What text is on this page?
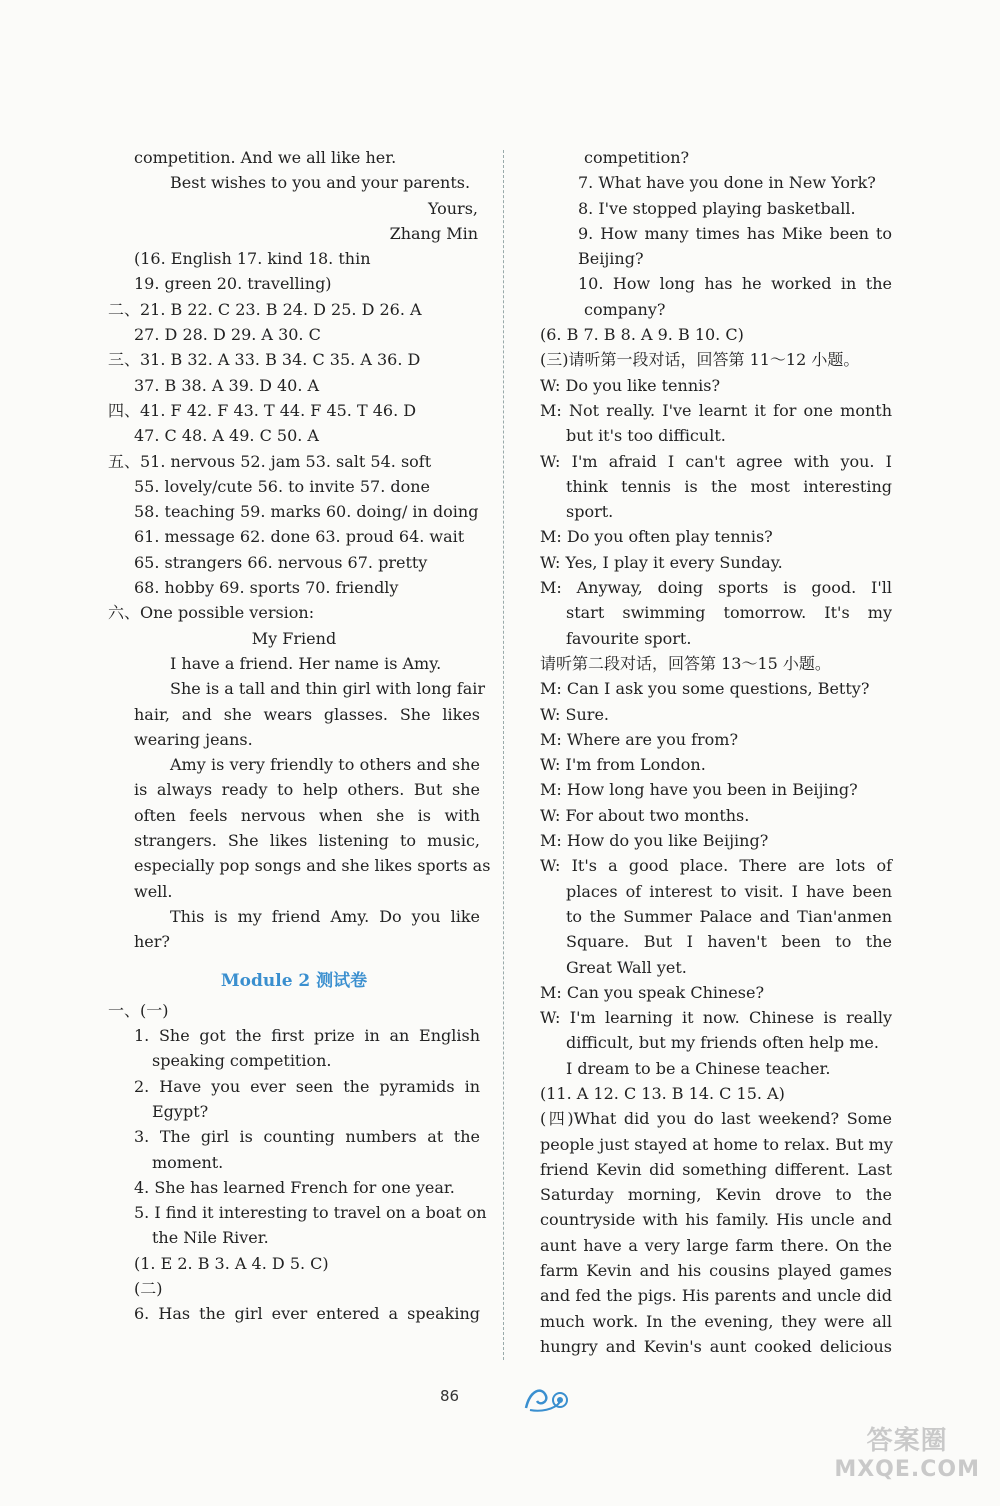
competition. And we all like her.
Best wishes to you and your parents.
Yours,
Zhang Min
(16. English 17. kind 18. thin19. green 20. travelling)二、21. B 22. C 23. B 24. D 25. D 26. A27. D 28. D 29. A 30. C三、31. B 32. A 33. B 34. C 35. A 36. D37. B 38. A 39. D 40. A四、41. F 42. F 43. T 44. F 45. T 46. D47. C 48. A 49. C 50. A五、51. nervous 52. jam 53. salt 54. soft55. lovely/cute 56. to invite 57. done58. teaching 59. marks 60. doing/ in doing61. message 62. done 63. proud 64. wait65. strangers 66. nervous 67. pretty68. hobby 69. sports 70. friendly
六、One possible version:
My Friend
I have a friend. Her name is Amy.
She is a tall and thin girl with long fair
hair, and she wears glasses. She likes
wearing jeans.
Amy is very friendly to others and she
is always ready to help others. But she
often feels nervous when she is with
strangers. She likes listening to music,
especially pop songs and she likes sports as
well.
This is my friend Amy. Do you like
her?
Module 2 测试卷
一、(一)
1. She got the first prize in an English
speaking competition.
2. Have you ever seen the pyramids in
Egypt?
3. The girl is counting numbers at the
moment.
4. She has learned French for one year.
5. I find it interesting to travel on a boat on
the Nile River.
(1. E 2. B 3. A 4. D 5. C)
(二)
6. Has the girl ever entered a speaking
competition?
7. What have you done in New York?
8. I've stopped playing basketball.
9. How many times has Mike been to
Beijing?
10. How long has he worked in the
company?
(6. B 7. B 8. A 9. B 10. C)
(三)请听第一段对话，回答第 11～12 小题。
W: Do you like tennis?
M: Not really. I've learnt it for one month
but it's too difficult.
W: I'm afraid I can't agree with you. I
think tennis is the most interesting
sport.
M: Do you often play tennis?
W: Yes, I play it every Sunday.
M: Anyway, doing sports is good. I'll
start swimming tomorrow. It's my
favourite sport.
请听第二段对话，回答第 13～15 小题。
M: Can I ask you some questions, Betty?
W: Sure.
M: Where are you from?
W: I'm from London.
M: How long have you been in Beijing?
W: For about two months.
M: How do you like Beijing?
W: It's a good place. There are lots of
places of interest to visit. I have been
to the Summer Palace and Tian'anmen
Square. But I haven't been to the
Great Wall yet.
M: Can you speak Chinese?
W: I'm learning it now. Chinese is really
difficult, but my friends often help me.
I dream to be a Chinese teacher.
(11. A 12. C 13. B 14. C 15. A)
(四)What did you do last weekend? Some
people just stayed at home to relax. But my
friend Kevin did something different. Last
Saturday morning, Kevin drove to the
countryside with his family. His uncle and
aunt have a very large farm there. On the
farm Kevin and his cousins played games
and fed the pigs. His parents and uncle did
much work. In the evening, they were all
hungry and Kevin's aunt cooked delicious
86
答案圈
MXQE.COM
